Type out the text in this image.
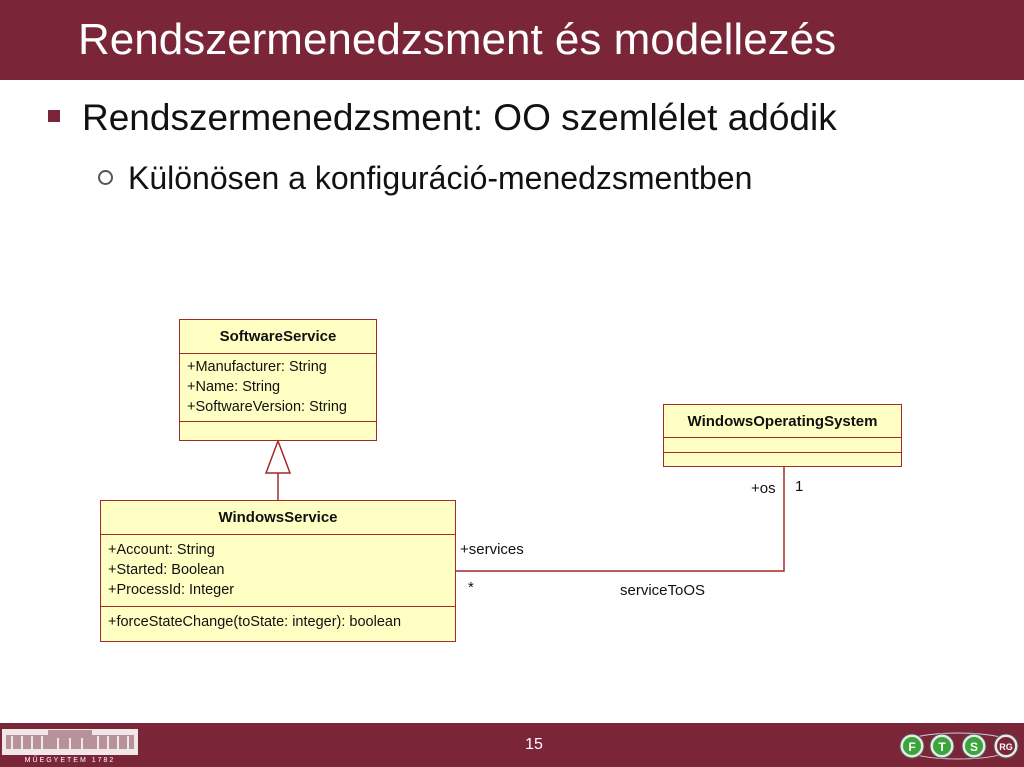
Rendszermenedzsment és modellezés
Rendszermenedzsment: OO szemlélet adódik
Különösen a konfiguráció-menedzsmentben
SoftwareService
+Manufacturer: String
+Name: String
+SoftwareVersion: String
WindowsService
+Account: String
+Started: Boolean
+ProcessId: Integer
+forceStateChange(toState: integer): boolean
WindowsOperatingSystem
+services
*	serviceToOS
+os 1
MŰEGYETEM 1782
15	F T S RG
